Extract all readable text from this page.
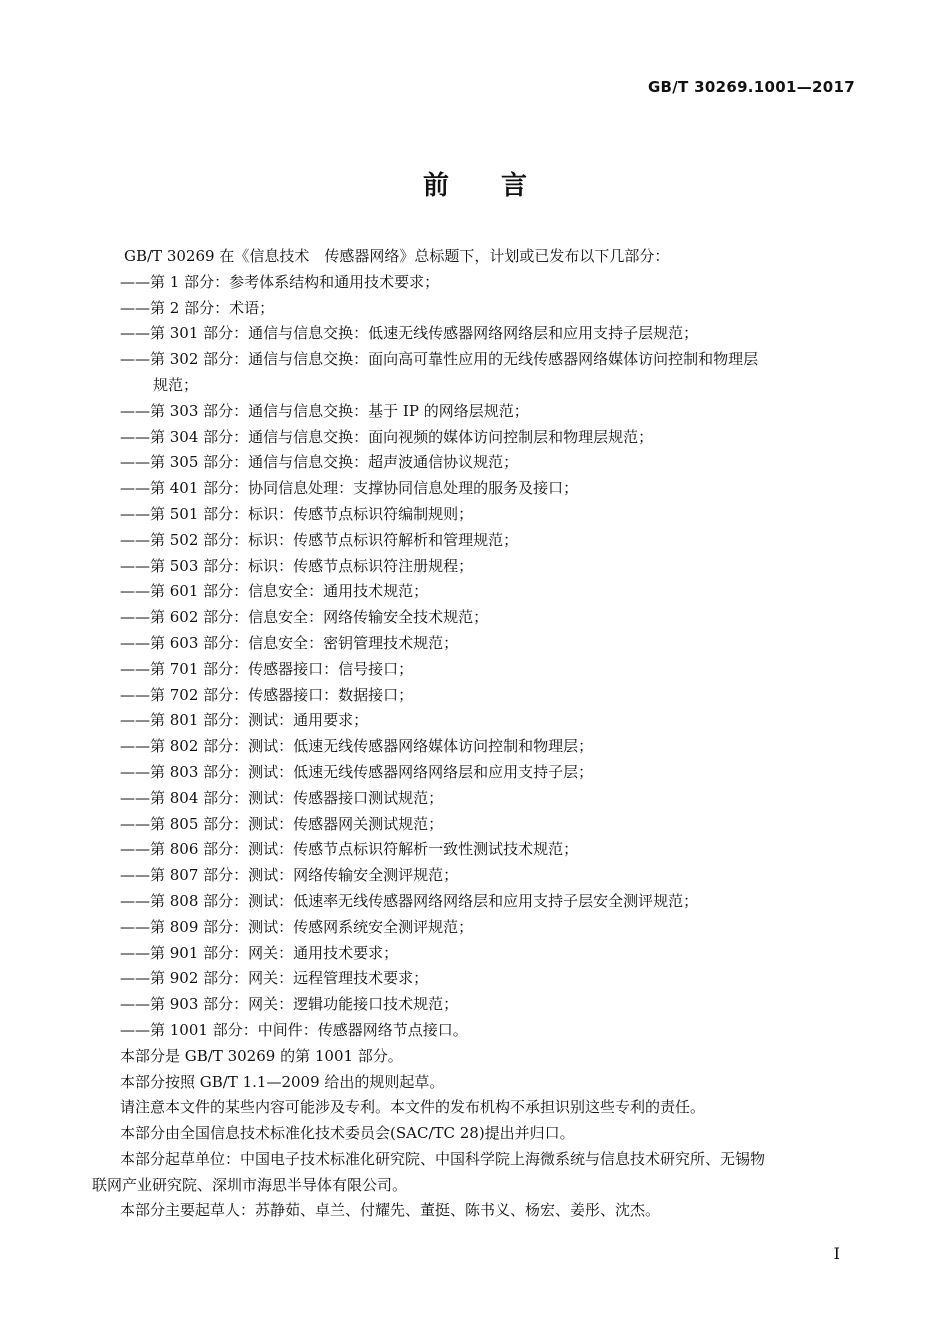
GB/T 30269.1001—2017
前言
GB/T 30269 在《信息技术　传感器网络》总标题下，计划或已发布以下几部分：
—— 第 1 部分：参考体系结构和通用技术要求；
—— 第 2 部分：术语；
—— 第 301 部分：通信与信息交换：低速无线传感器网络网络层和应用支持子层规范；
—— 第 302 部分：通信与信息交换：面向高可靠性应用的无线传感器网络媒体访问控制和物理层
规范；
—— 第 303 部分：通信与信息交换：基于 IP 的网络层规范；
—— 第 304 部分：通信与信息交换：面向视频的媒体访问控制层和物理层规范；
—— 第 305 部分：通信与信息交换：超声波通信协议规范；
—— 第 401 部分：协同信息处理：支撑协同信息处理的服务及接口；
—— 第 501 部分：标识：传感节点标识符编制规则；
—— 第 502 部分：标识：传感节点标识符解析和管理规范；
—— 第 503 部分：标识：传感节点标识符注册规程；
—— 第 601 部分：信息安全：通用技术规范；
—— 第 602 部分：信息安全：网络传输安全技术规范；
—— 第 603 部分：信息安全：密钥管理技术规范；
—— 第 701 部分：传感器接口：信号接口；
—— 第 702 部分：传感器接口：数据接口；
—— 第 801 部分：测试：通用要求；
—— 第 802 部分：测试：低速无线传感器网络媒体访问控制和物理层；
—— 第 803 部分：测试：低速无线传感器网络网络层和应用支持子层；
—— 第 804 部分：测试：传感器接口测试规范；
—— 第 805 部分：测试：传感器网关测试规范；
—— 第 806 部分：测试：传感节点标识符解析一致性测试技术规范；
—— 第 807 部分：测试：网络传输安全测评规范；
—— 第 808 部分：测试：低速率无线传感器网络网络层和应用支持子层安全测评规范；
—— 第 809 部分：测试：传感网系统安全测评规范；
—— 第 901 部分：网关：通用技术要求；
—— 第 902 部分：网关：远程管理技术要求；
—— 第 903 部分：网关：逻辑功能接口技术规范；
—— 第 1001 部分：中间件：传感器网络节点接口。
本部分是 GB/T 30269 的第 1001 部分。
本部分按照 GB/T 1.1—2009 给出的规则起草。
请注意本文件的某些内容可能涉及专利。本文件的发布机构不承担识别这些专利的责任。
本部分由全国信息技术标准化技术委员会(SAC/TC 28)提出并归口。
本部分起草单位：中国电子技术标准化研究院、中国科学院上海微系统与信息技术研究所、无锡物
联网产业研究院、深圳市海思半导体有限公司。
本部分主要起草人：苏静茹、卓兰、付耀先、董挺、陈书义、杨宏、姜彤、沈杰。
I
